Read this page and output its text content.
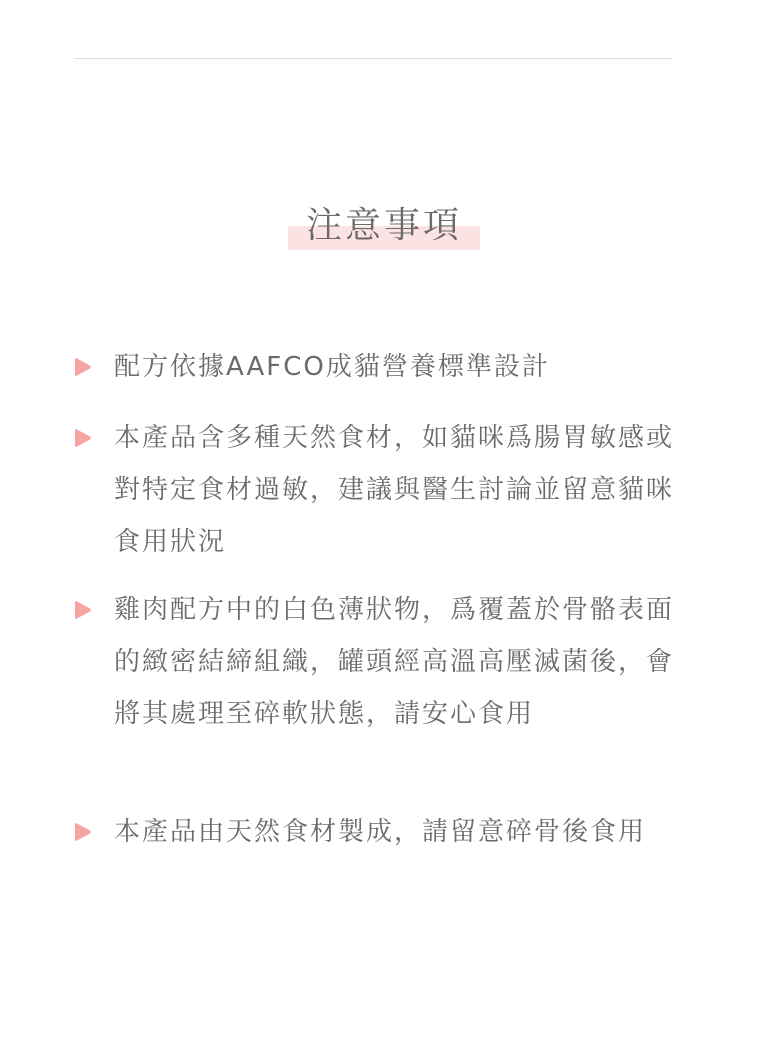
注意事項
配方依據AAFCO成貓營養標準設計
本產品含多種天然食材，如貓咪爲腸胃敏感或對特定食材過敏，建議與醫生討論並留意貓咪食用狀況
雞肉配方中的白色薄狀物，爲覆蓋於骨骼表面的緻密結締組織，罐頭經高溫高壓滅菌後，會將其處理至碎軟狀態，請安心食用
本產品由天然食材製成，請留意碎骨後食用
